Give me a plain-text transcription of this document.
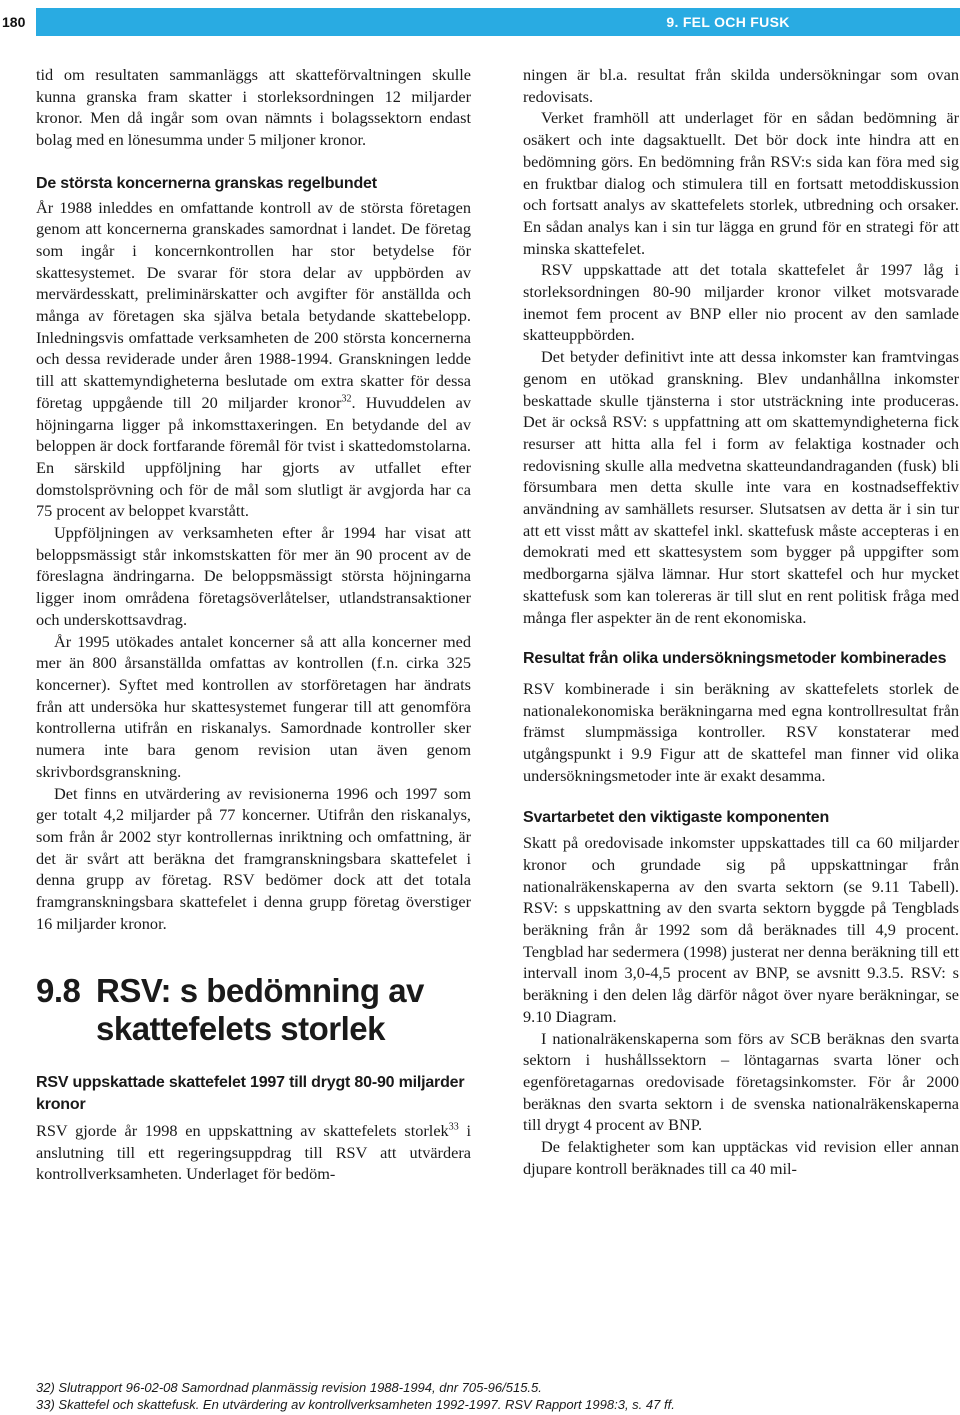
180	9. FEL OCH FUSK

tid om resultaten sammanläggs att skatteförvaltningen skulle kunna granska fram skatter i storleksordningen 12 miljarder kronor. Men då ingår som ovan nämnts i bolagssektorn endast bolag med en lönesumma under 5 miljoner kronor.

De största koncernerna granskas regelbundet

År 1988 inleddes en omfattande kontroll av de största företagen genom att koncernerna granskades samordnat i landet. De företag som ingår i koncernkontrollen har stor betydelse för skattesystemet. De svarar för stora delar av uppbörden av mervärdesskatt, preliminärskatter och avgifter för anställda och många av företagen ska själva betala betydande skattebelopp. Inledningsvis omfattade verksamheten de 200 största koncernerna och dessa reviderade under åren 1988-1994. Granskningen ledde till att skattemyndigheterna beslutade om extra skatter för dessa företag uppgående till 20 miljarder kronor$^{32}$. Huvuddelen av höjningarna ligger på inkomsttaxeringen. En betydande del av beloppen är dock fortfarande föremål för tvist i skattedomstolarna. En särskild uppföljning har gjorts av utfallet efter domstolsprövning och för de mål som slutligt är avgjorda har ca 75 procent av beloppet kvarstått.

Uppföljningen av verksamheten efter år 1994 har visat att beloppsmässigt står inkomstskatten för mer än 90 procent av de föreslagna ändringarna. De beloppsmässigt största höjningarna ligger inom områdena företagsöverlåtelser, utlandstransaktioner och underskottsavdrag.

År 1995 utökades antalet koncerner så att alla koncerner med mer än 800 årsanställda omfattas av kontrollen (f.n. cirka 325 koncerner). Syftet med kontrollen av storföretagen har ändrats från att undersöka hur skattesystemet fungerar till att genomföra kontrollerna utifrån en riskanalys. Samordnade kontroller sker numera inte bara genom revision utan även genom skrivbordsgranskning.

Det finns en utvärdering av revisionerna 1996 och 1997 som ger totalt 4,2 miljarder på 77 koncerner. Utifrån den riskanalys, som från år 2002 styr kontrollernas inriktning och omfattning, är det är svårt att beräkna det framgranskningsbara skattefelet i denna grupp av företag. RSV bedömer dock att det totala framgranskningsbara skattefelet i denna grupp företag överstiger 16 miljarder kronor.

9.8 RSV: s bedömning av skattefelets storlek
RSV uppskattade skattefelet 1997 till drygt 80-90 miljarder kronor

RSV gjorde år 1998 en uppskattning av skattefelets storlek$^{33}$ i anslutning till ett regeringsuppdrag till RSV att utvärdera kontrollverksamheten. Underlaget för bedöm-

ningen är bl.a. resultat från skilda undersökningar som ovan redovisats.

Verket framhöll att underlaget för en sådan bedömning är osäkert och inte dagsaktuellt. Det bör dock inte hindra att en bedömning görs. En bedömning från RSV:s sida kan föra med sig en fruktbar dialog och stimulera till en fortsatt metoddiskussion och fortsatt analys av skattefelets storlek, utbredning och orsaker. En sådan analys kan i sin tur lägga en grund för en strategi för att minska skattefelet.

RSV uppskattade att det totala skattefelet år 1997 låg i storleksordningen 80-90 miljarder kronor vilket motsvarade inemot fem procent av BNP eller nio procent av den samlade skatteuppbörden.

Det betyder definitivt inte att dessa inkomster kan framtvingas genom en utökad granskning. Blev undanhållna inkomster beskattade skulle tjänsterna i stor utsträckning inte produceras. Det är också RSV: s uppfattning att om skattemyndigheterna fick resurser att hitta alla fel i form av felaktiga kostnader och redovisning skulle alla medvetna skatteundandraganden (fusk) bli försumbara men detta skulle inte vara en kostnadseffektiv användning av samhällets resurser. Slutsatsen av detta är i sin tur att ett visst mått av skattefel inkl. skattefusk måste accepteras i en demokrati med ett skattesystem som bygger på uppgifter som medborgarna själva lämnar. Hur stort skattefel och hur mycket skattefusk som kan tolereras är till slut en rent politisk fråga med många fler aspekter än de rent ekonomiska.

Resultat från olika undersökningsmetoder kombinerades

RSV kombinerade i sin beräkning av skattefelets storlek de nationalekonomiska beräkningarna med egna kontrollresultat från främst slumpmässiga kontroller. RSV konstaterar med utgångspunkt i 9.9 Figur att de skattefel man finner vid olika undersökningsmetoder inte är exakt desamma.

Svartarbetet den viktigaste komponenten

Skatt på oredovisade inkomster uppskattades till ca 60 miljarder kronor och grundade sig på uppskattningar från nationalräkenskaperna av den svarta sektorn (se 9.11 Tabell). RSV: s uppskattning av den svarta sektorn byggde på Tengblads beräkning från år 1992 som då beräknades till 4,9 procent. Tengblad har sedermera (1998) justerat ner denna beräkning till ett intervall inom 3,0-4,5 procent av BNP, se avsnitt 9.3.5. RSV: s beräkning i den delen låg därför något över nyare beräkningar, se 9.10 Diagram.

I nationalräkenskaperna som förs av SCB beräknas den svarta sektorn i hushållssektorn – löntagarnas svarta löner och egenföretagarnas oredovisade företagsinkomster. För år 2000 beräknas den svarta sektorn i de svenska nationalräkenskaperna till drygt 4 procent av BNP.

De felaktigheter som kan upptäckas vid revision eller annan djupare kontroll beräknades till ca 40 mil-

32) Slutrapport 96-02-08 Samordnad planmässig revision 1988-1994, dnr 705-96/515.5.

33) Skattefel och skattefusk. En utvärdering av kontrollverksamheten 1992-1997. RSV Rapport 1998:3, s. 47 ff.
